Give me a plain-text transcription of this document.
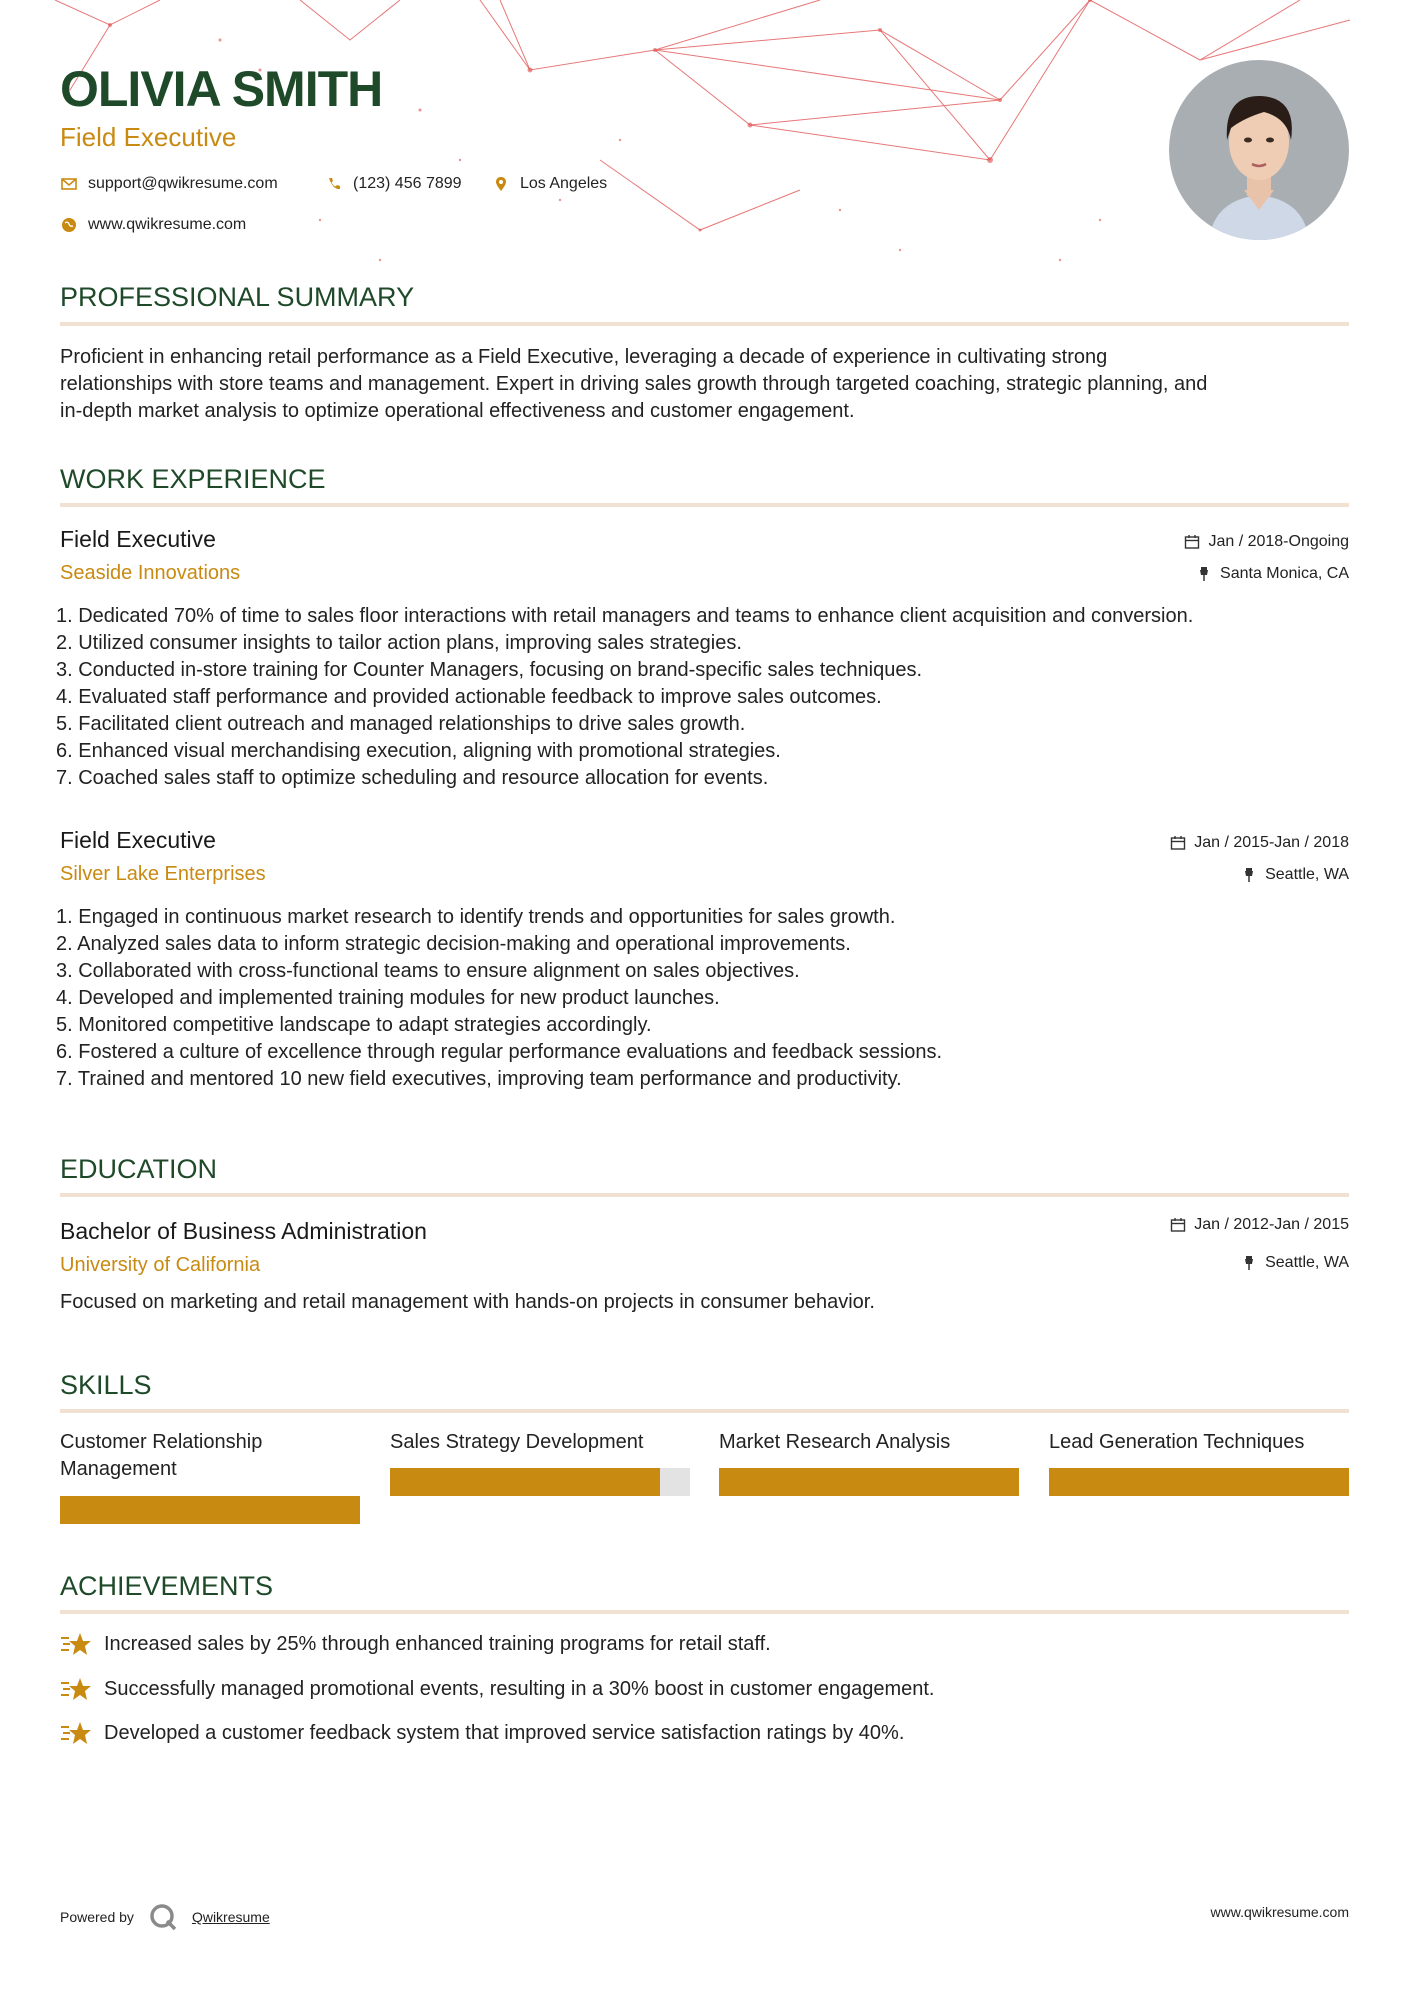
OLIVIA SMITH
Field Executive
support@qwikresume.com	(123) 456 7899	Los Angeles
www.qwikresume.com
PROFESSIONAL SUMMARY
Proficient in enhancing retail performance as a Field Executive, leveraging a decade of experience in cultivating strong
relationships with store teams and management. Expert in driving sales growth through targeted coaching, strategic planning, and
in-depth market analysis to optimize operational effectiveness and customer engagement.
WORK EXPERIENCE
Field Executive
Seaside Innovations
Jan / 2018-Ongoing
Santa Monica, CA
1. Dedicated 70% of time to sales floor interactions with retail managers and teams to enhance client acquisition and conversion.
2. Utilized consumer insights to tailor action plans, improving sales strategies.
3. Conducted in-store training for Counter Managers, focusing on brand-specific sales techniques.
4. Evaluated staff performance and provided actionable feedback to improve sales outcomes.
5. Facilitated client outreach and managed relationships to drive sales growth.
6. Enhanced visual merchandising execution, aligning with promotional strategies.
7. Coached sales staff to optimize scheduling and resource allocation for events.
Field Executive
Silver Lake Enterprises
Jan / 2015-Jan / 2018
Seattle, WA
1. Engaged in continuous market research to identify trends and opportunities for sales growth.
2. Analyzed sales data to inform strategic decision-making and operational improvements.
3. Collaborated with cross-functional teams to ensure alignment on sales objectives.
4. Developed and implemented training modules for new product launches.
5. Monitored competitive landscape to adapt strategies accordingly.
6. Fostered a culture of excellence through regular performance evaluations and feedback sessions.
7. Trained and mentored 10 new field executives, improving team performance and productivity.
EDUCATION
Bachelor of Business Administration
University of California
Jan / 2012-Jan / 2015
Seattle, WA
Focused on marketing and retail management with hands-on projects in consumer behavior.
SKILLS
Customer Relationship
Management
Sales Strategy Development	Market Research Analysis	Lead Generation Techniques
ACHIEVEMENTS
Increased sales by 25% through enhanced training programs for retail staff.
Successfully managed promotional events, resulting in a 30% boost in customer engagement.
Developed a customer feedback system that improved service satisfaction ratings by 40%.
Powered by	Qwikresume	www.qwikresume.com
